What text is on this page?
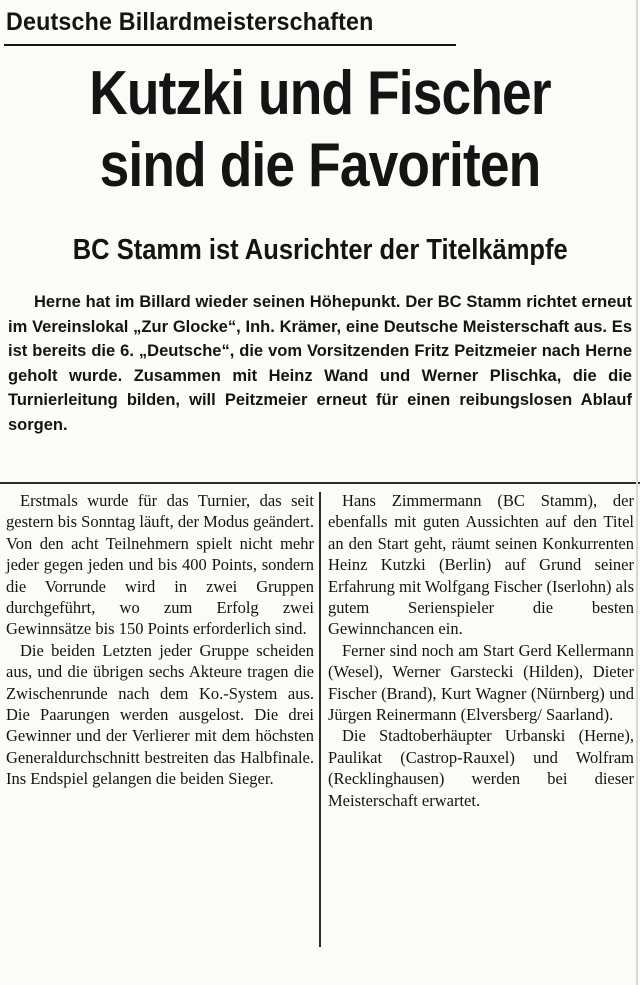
Deutsche Billardmeisterschaften
Kutzki und Fischer
sind die Favoriten
BC Stamm ist Ausrichter der Titelkämpfe
Herne hat im Billard wieder seinen Höhepunkt. Der BC Stamm richtet erneut im Vereinslokal „Zur Glocke“, Inh. Krämer, eine Deutsche Meisterschaft aus. Es ist bereits die 6. „Deutsche“, die vom Vorsitzenden Fritz Peitzmeier nach Herne geholt wurde. Zusammen mit Heinz Wand und Werner Plischka, die die Turnierleitung bilden, will Peitzmeier erneut für einen reibungslosen Ablauf sorgen.

Erstmals wurde für das Turnier, das seit gestern bis Sonntag läuft, der Modus geändert. Von den acht Teilnehmern spielt nicht mehr jeder gegen jeden und bis 400 Points, sondern die Vorrunde wird in zwei Gruppen durchgeführt, wo zum Erfolg zwei Gewinnsätze bis 150 Points erforderlich sind.

Die beiden Letzten jeder Gruppe scheiden aus, und die übrigen sechs Akteure tragen die Zwischenrunde nach dem Ko.-System aus. Die Paarungen werden ausgelost. Die drei Gewinner und der Verlierer mit dem höchsten Generaldurchschnitt bestreiten das Halbfinale. Ins Endspiel gelangen die beiden Sieger.

Hans Zimmermann (BC Stamm), der ebenfalls mit guten Aussichten auf den Titel an den Start geht, räumt seinen Konkurrenten Heinz Kutzki (Berlin) auf Grund seiner Erfahrung mit Wolfgang Fischer (Iserlohn) als gutem Serienspieler die besten Gewinnchancen ein.

Ferner sind noch am Start Gerd Kellermann (Wesel), Werner Garstecki (Hilden), Dieter Fischer (Brand), Kurt Wagner (Nürnberg) und Jürgen Reinermann (Elversberg/ Saarland).

Die Stadtoberhäupter Urbanski (Herne), Paulikat (Castrop-Rauxel) und Wolfram (Recklinghausen) werden bei dieser Meisterschaft erwartet.
